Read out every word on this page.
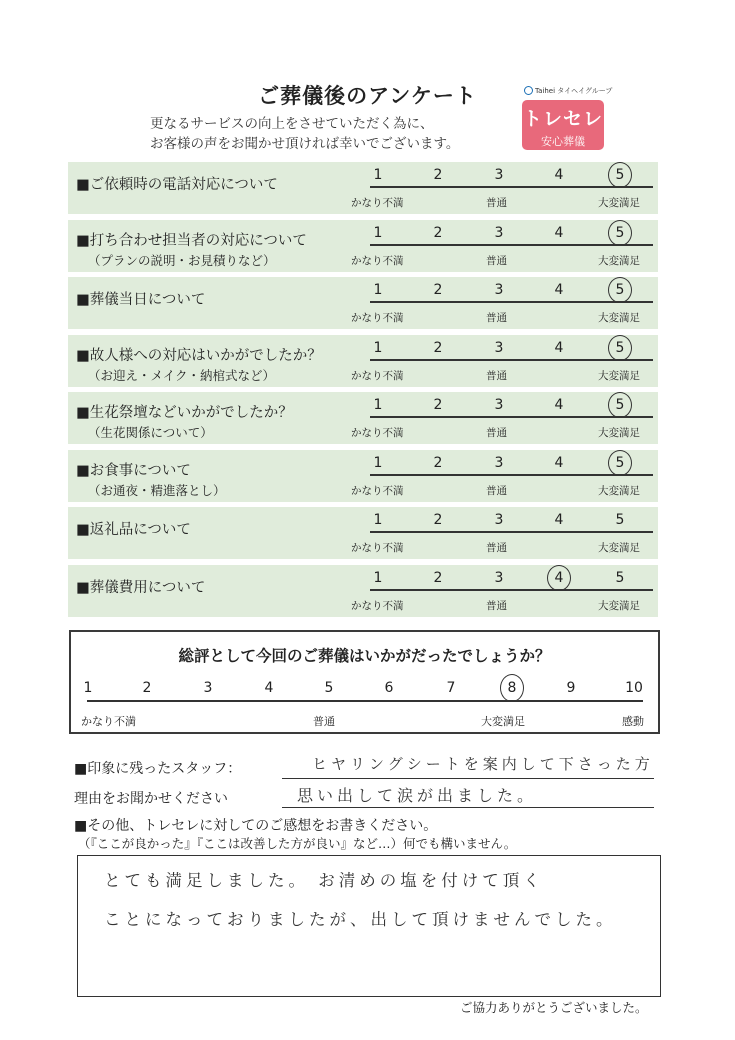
ご葬儀後のアンケート
更なるサービスの向上をさせていただく為に、
お客様の声をお聞かせ頂ければ幸いでございます。
Taihei タイヘイグループ
トレセレ
安心葬儀
■ご依頼時の電話対応について
1	2	3	4	5
かなり不満	普通	大変満足
■打ち合わせ担当者の対応について
（プランの説明・お見積りなど）
1	2	3	4	5
かなり不満	普通	大変満足
■葬儀当日について
1	2	3	4	5
かなり不満	普通	大変満足
■故人様への対応はいかがでしたか？
（お迎え・メイク・納棺式など）
1	2	3	4	5
かなり不満	普通	大変満足
■生花祭壇などいかがでしたか？
（生花関係について）
1	2	3	4	5
かなり不満	普通	大変満足
■お食事について
（お通夜・精進落とし）
1	2	3	4	5
かなり不満	普通	大変満足
■返礼品について
1	2	3	4	5
かなり不満	普通	大変満足
■葬儀費用について
1	2	3	4	5
かなり不満	普通	大変満足
総評として今回のご葬儀はいかがだったでしょうか？
1	2	3	4	5	6	7	8	9	10
かなり不満	普通	大変満足	感動
■印象に残ったスタッフ：	ヒヤリングシートを案内して下さった方
理由をお聞かせください	思い出して涙が出ました。
■その他、トレセレに対してのご感想をお書きください。
（『ここが良かった』『ここは改善した方が良い』など…）何でも構いません。
とても満足しました。 お清めの塩を付けて頂く
ことになっておりましたが、出して頂けませんでした。
ご協力ありがとうございました。
